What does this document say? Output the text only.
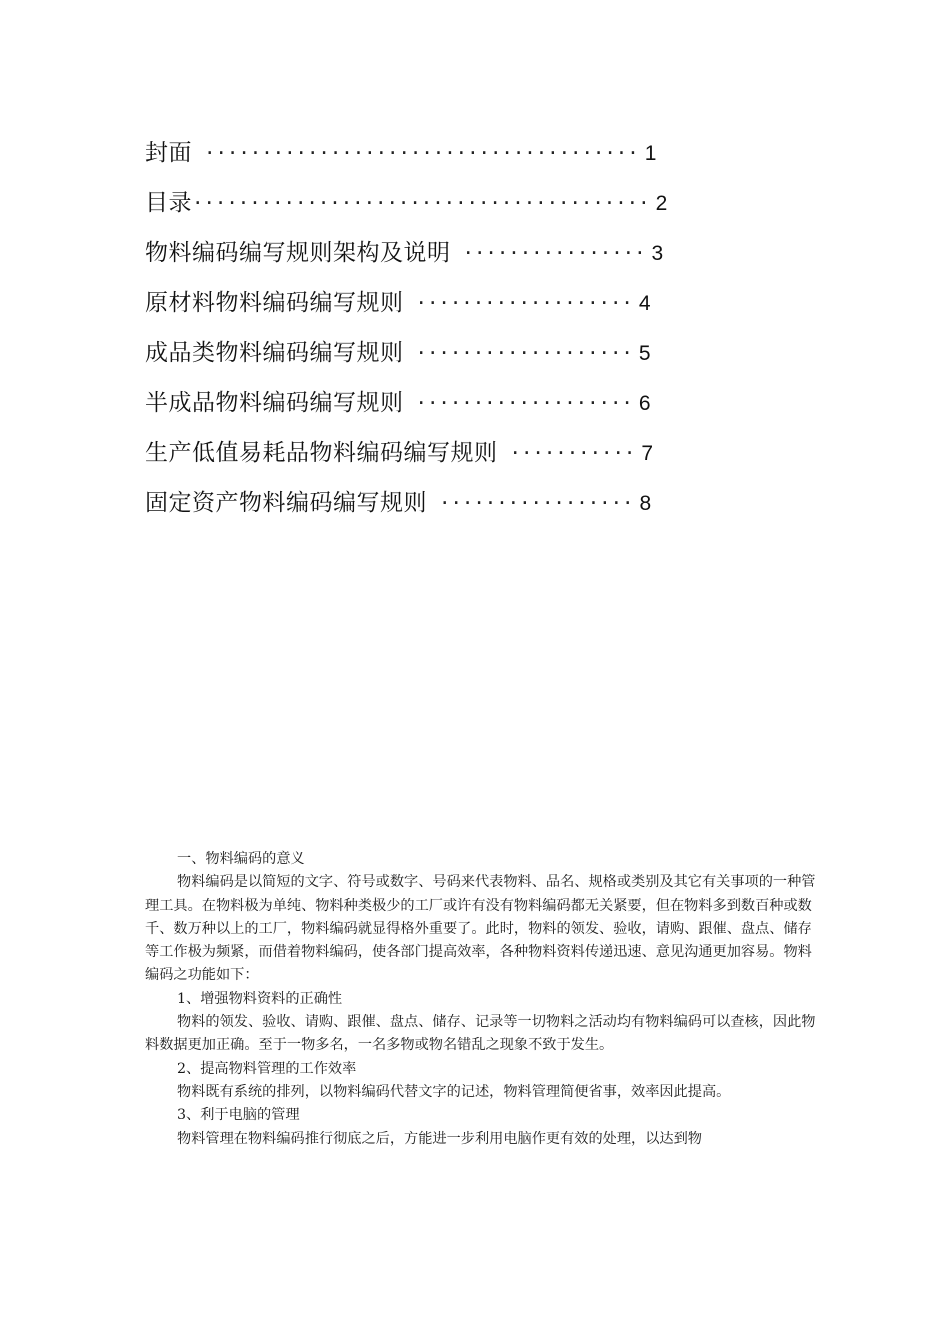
封面 ······································ 1
目录 ········································ 2
物料编码编写规则架构及说明 ················ 3
原材料物料编码编写规则 ··················· 4
成品类物料编码编写规则 ··················· 5
半成品物料编码编写规则 ··················· 6
生产低值易耗品物料编码编写规则 ··········· 7
固定资产物料编码编写规则 ················· 8

一、物料编码的意义

物料编码是以简短的文字、符号或数字、号码来代表物料、品名、规格或类别及其它有关事项的一种管理工具。在物料极为单纯、物料种类极少的工厂或许有没有物料编码都无关紧要，但在物料多到数百种或数千、数万种以上的工厂，物料编码就显得格外重要了。此时，物料的领发、验收，请购、跟催、盘点、储存等工作极为频紧，而借着物料编码，使各部门提高效率，各种物料资料传递迅速、意见沟通更加容易。物料编码之功能如下：

1、增强物料资料的正确性

物料的领发、验收、请购、跟催、盘点、储存、记录等一切物料之活动均有物料编码可以查核，因此物料数据更加正确。至于一物多名，一名多物或物名错乱之现象不致于发生。

2、提高物料管理的工作效率

物料既有系统的排列，以物料编码代替文字的记述，物料管理简便省事，效率因此提高。

3、利于电脑的管理

物料管理在物料编码推行彻底之后，方能进一步利用电脑作更有效的处理，以达到物
